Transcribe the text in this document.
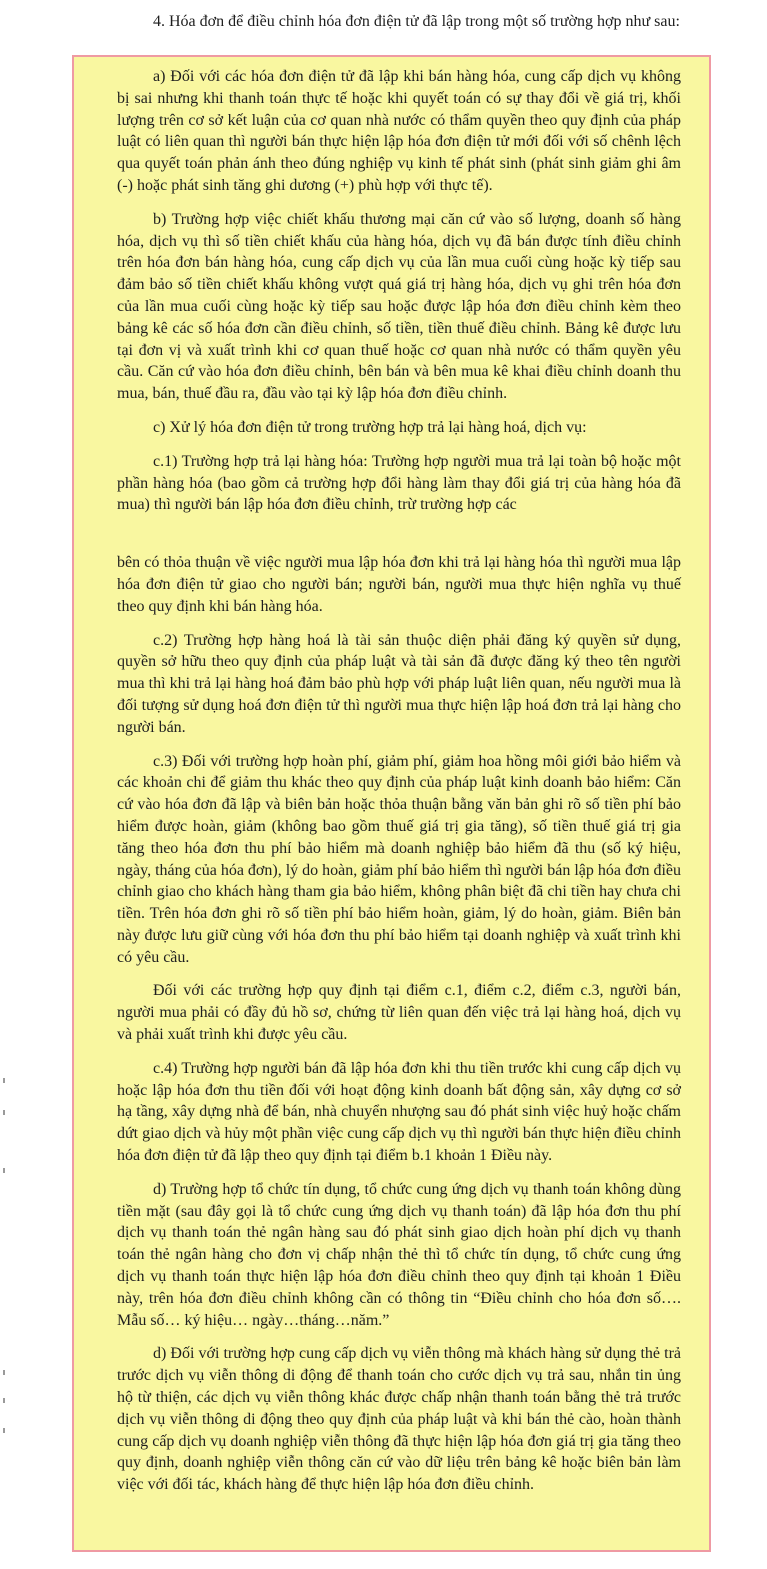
4. Hóa đơn để điều chỉnh hóa đơn điện tử đã lập trong một số trường hợp như sau:

a) Đối với các hóa đơn điện tử đã lập khi bán hàng hóa, cung cấp dịch vụ không bị sai nhưng khi thanh toán thực tế hoặc khi quyết toán có sự thay đổi về giá trị, khối lượng trên cơ sở kết luận của cơ quan nhà nước có thẩm quyền theo quy định của pháp luật có liên quan thì người bán thực hiện lập hóa đơn điện tử mới đối với số chênh lệch qua quyết toán phản ánh theo đúng nghiệp vụ kinh tế phát sinh (phát sinh giảm ghi âm (-) hoặc phát sinh tăng ghi dương (+) phù hợp với thực tế).

b) Trường hợp việc chiết khấu thương mại căn cứ vào số lượng, doanh số hàng hóa, dịch vụ thì số tiền chiết khấu của hàng hóa, dịch vụ đã bán được tính điều chỉnh trên hóa đơn bán hàng hóa, cung cấp dịch vụ của lần mua cuối cùng hoặc kỳ tiếp sau đảm bảo số tiền chiết khấu không vượt quá giá trị hàng hóa, dịch vụ ghi trên hóa đơn của lần mua cuối cùng hoặc kỳ tiếp sau hoặc được lập hóa đơn điều chỉnh kèm theo bảng kê các số hóa đơn cần điều chỉnh, số tiền, tiền thuế điều chỉnh. Bảng kê được lưu tại đơn vị và xuất trình khi cơ quan thuế hoặc cơ quan nhà nước có thẩm quyền yêu cầu. Căn cứ vào hóa đơn điều chỉnh, bên bán và bên mua kê khai điều chỉnh doanh thu mua, bán, thuế đầu ra, đầu vào tại kỳ lập hóa đơn điều chỉnh.

c) Xử lý hóa đơn điện tử trong trường hợp trả lại hàng hoá, dịch vụ:

c.1) Trường hợp trả lại hàng hóa: Trường hợp người mua trả lại toàn bộ hoặc một phần hàng hóa (bao gồm cả trường hợp đổi hàng làm thay đổi giá trị của hàng hóa đã mua) thì người bán lập hóa đơn điều chỉnh, trừ trường hợp các

bên có thỏa thuận về việc người mua lập hóa đơn khi trả lại hàng hóa thì người mua lập hóa đơn điện tử giao cho người bán; người bán, người mua thực hiện nghĩa vụ thuế theo quy định khi bán hàng hóa.

c.2) Trường hợp hàng hoá là tài sản thuộc diện phải đăng ký quyền sử dụng, quyền sở hữu theo quy định của pháp luật và tài sản đã được đăng ký theo tên người mua thì khi trả lại hàng hoá đảm bảo phù hợp với pháp luật liên quan, nếu người mua là đối tượng sử dụng hoá đơn điện tử thì người mua thực hiện lập hoá đơn trả lại hàng cho người bán.

c.3) Đối với trường hợp hoàn phí, giảm phí, giảm hoa hồng môi giới bảo hiểm và các khoản chi để giảm thu khác theo quy định của pháp luật kinh doanh bảo hiểm: Căn cứ vào hóa đơn đã lập và biên bản hoặc thỏa thuận bằng văn bản ghi rõ số tiền phí bảo hiểm được hoàn, giảm (không bao gồm thuế giá trị gia tăng), số tiền thuế giá trị gia tăng theo hóa đơn thu phí bảo hiểm mà doanh nghiệp bảo hiểm đã thu (số ký hiệu, ngày, tháng của hóa đơn), lý do hoàn, giảm phí bảo hiểm thì người bán lập hóa đơn điều chỉnh giao cho khách hàng tham gia bảo hiểm, không phân biệt đã chi tiền hay chưa chi tiền. Trên hóa đơn ghi rõ số tiền phí bảo hiểm hoàn, giảm, lý do hoàn, giảm. Biên bản này được lưu giữ cùng với hóa đơn thu phí bảo hiểm tại doanh nghiệp và xuất trình khi có yêu cầu.

Đối với các trường hợp quy định tại điểm c.1, điểm c.2, điểm c.3, người bán, người mua phải có đầy đủ hồ sơ, chứng từ liên quan đến việc trả lại hàng hoá, dịch vụ và phải xuất trình khi được yêu cầu.

c.4) Trường hợp người bán đã lập hóa đơn khi thu tiền trước khi cung cấp dịch vụ hoặc lập hóa đơn thu tiền đối với hoạt động kinh doanh bất động sản, xây dựng cơ sở hạ tầng, xây dựng nhà để bán, nhà chuyển nhượng sau đó phát sinh việc huỷ hoặc chấm dứt giao dịch và hủy một phần việc cung cấp dịch vụ thì người bán thực hiện điều chỉnh hóa đơn điện tử đã lập theo quy định tại điểm b.1 khoản 1 Điều này.

d) Trường hợp tổ chức tín dụng, tổ chức cung ứng dịch vụ thanh toán không dùng tiền mặt (sau đây gọi là tổ chức cung ứng dịch vụ thanh toán) đã lập hóa đơn thu phí dịch vụ thanh toán thẻ ngân hàng sau đó phát sinh giao dịch hoàn phí dịch vụ thanh toán thẻ ngân hàng cho đơn vị chấp nhận thẻ thì tổ chức tín dụng, tổ chức cung ứng dịch vụ thanh toán thực hiện lập hóa đơn điều chỉnh theo quy định tại khoản 1 Điều này, trên hóa đơn điều chỉnh không cần có thông tin “Điều chỉnh cho hóa đơn số…. Mẫu số… ký hiệu… ngày…tháng…năm.”

d) Đối với trường hợp cung cấp dịch vụ viễn thông mà khách hàng sử dụng thẻ trả trước dịch vụ viễn thông di động để thanh toán cho cước dịch vụ trả sau, nhắn tin ủng hộ từ thiện, các dịch vụ viễn thông khác được chấp nhận thanh toán bằng thẻ trả trước dịch vụ viễn thông di động theo quy định của pháp luật và khi bán thẻ cào, hoàn thành cung cấp dịch vụ doanh nghiệp viễn thông đã thực hiện lập hóa đơn giá trị gia tăng theo quy định, doanh nghiệp viễn thông căn cứ vào dữ liệu trên bảng kê hoặc biên bản làm việc với đối tác, khách hàng để thực hiện lập hóa đơn điều chỉnh.
